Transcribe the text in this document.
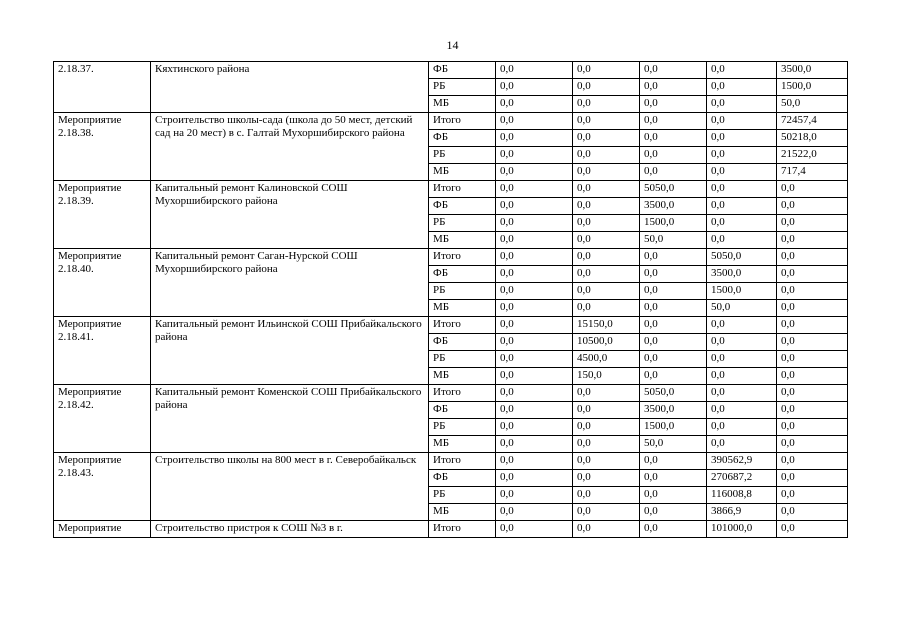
14
2.18.37.	Кяхтинского района	ФБ	0,0	0,0	0,0	0,0	3500,0
		РБ	0,0	0,0	0,0	0,0	1500,0
		МБ	0,0	0,0	0,0	0,0	50,0
Мероприятие 2.18.38.	Строительство школы-сада (школа до 50 мест, детский сад на 20 мест) в с. Галтай Мухоршибирского района	Итого	0,0	0,0	0,0	0,0	72457,4
		ФБ	0,0	0,0	0,0	0,0	50218,0
		РБ	0,0	0,0	0,0	0,0	21522,0
		МБ	0,0	0,0	0,0	0,0	717,4
Мероприятие 2.18.39.	Капитальный ремонт Калиновской СОШ Мухоршибирского района	Итого	0,0	0,0	5050,0	0,0	0,0
		ФБ	0,0	0,0	3500,0	0,0	0,0
		РБ	0,0	0,0	1500,0	0,0	0,0
		МБ	0,0	0,0	50,0	0,0	0,0
Мероприятие 2.18.40.	Капитальный ремонт Саган-Нурской СОШ Мухоршибирского района	Итого	0,0	0,0	0,0	5050,0	0,0
		ФБ	0,0	0,0	0,0	3500,0	0,0
		РБ	0,0	0,0	0,0	1500,0	0,0
		МБ	0,0	0,0	0,0	50,0	0,0
Мероприятие 2.18.41.	Капитальный ремонт Ильинской СОШ Прибайкальского района	Итого	0,0	15150,0	0,0	0,0	0,0
		ФБ	0,0	10500,0	0,0	0,0	0,0
		РБ	0,0	4500,0	0,0	0,0	0,0
		МБ	0,0	150,0	0,0	0,0	0,0
Мероприятие 2.18.42.	Капитальный ремонт Коменской СОШ Прибайкальского района	Итого	0,0	0,0	5050,0	0,0	0,0
		ФБ	0,0	0,0	3500,0	0,0	0,0
		РБ	0,0	0,0	1500,0	0,0	0,0
		МБ	0,0	0,0	50,0	0,0	0,0
Мероприятие 2.18.43.	Строительство школы на 800 мест в г. Северобайкальск	Итого	0,0	0,0	0,0	390562,9	0,0
		ФБ	0,0	0,0	0,0	270687,2	0,0
		РБ	0,0	0,0	0,0	116008,8	0,0
		МБ	0,0	0,0	0,0	3866,9	0,0
Мероприятие	Строительство пристроя к СОШ №3 в г.	Итого	0,0	0,0	0,0	101000,0	0,0
